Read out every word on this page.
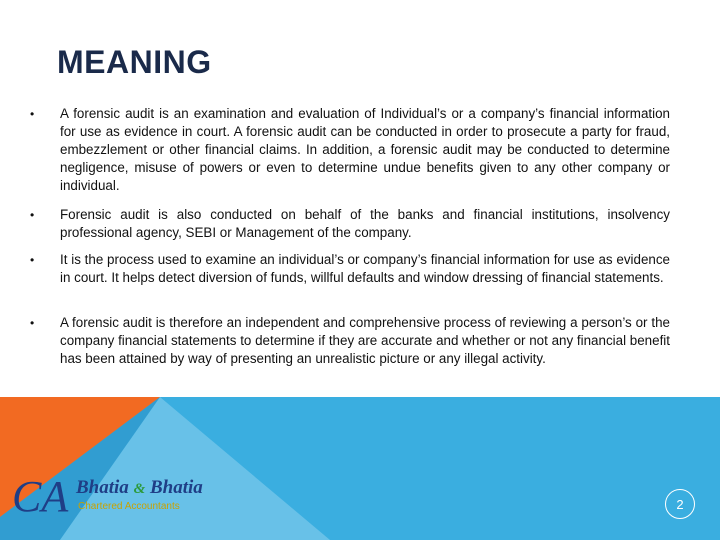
MEANING
• A forensic audit is an examination and evaluation of Individual’s or a company’s financial information for use as evidence in court. A forensic audit can be conducted in order to prosecute a party for fraud, embezzlement or other financial claims. In addition, a forensic audit may be conducted to determine negligence, misuse of powers or even to determine undue benefits given to any other company or individual.
• Forensic audit is also conducted on behalf of the banks and financial institutions, insolvency professional agency, SEBI or Management of the company.
• It is the process used to examine an individual’s or company’s financial information for use as evidence in court. It helps detect diversion of funds, willful defaults and window dressing of financial statements.
• A forensic audit is therefore an independent and comprehensive process of reviewing a person’s or the company financial statements to determine if they are accurate and whether or not any financial benefit has been attained by way of presenting an unrealistic picture or any illegal activity.
CA Bhatia & Bhatia
Chartered Accountants	2
